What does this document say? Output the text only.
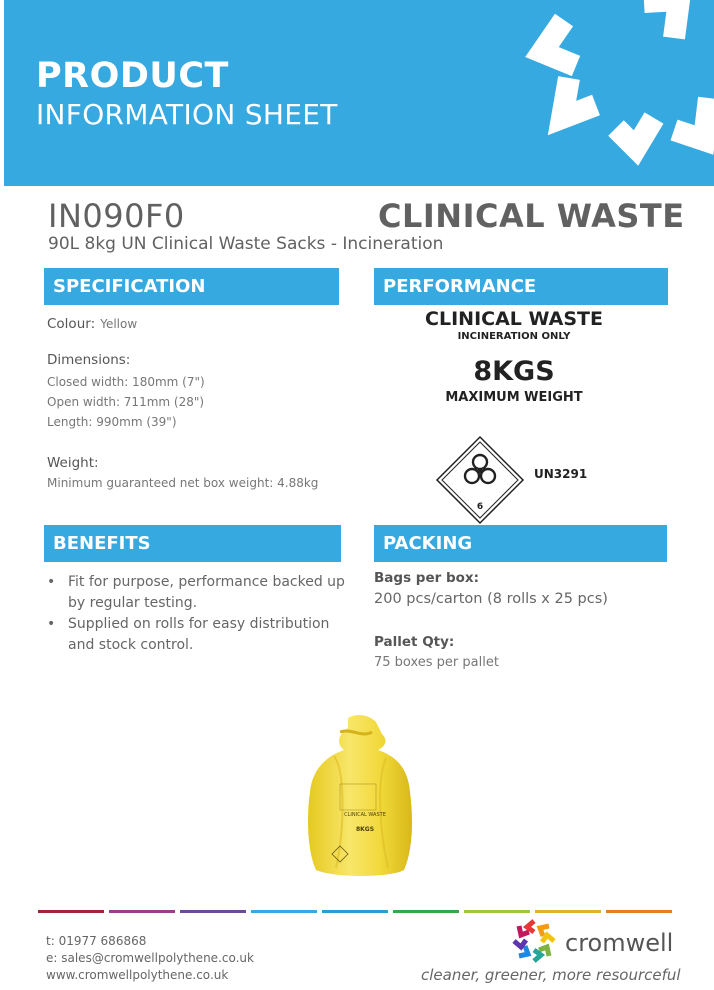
PRODUCT
INFORMATION SHEET
IN090F0	CLINICAL WASTE
90L 8kg UN Clinical Waste Sacks - Incineration
SPECIFICATION
Colour: Yellow
Dimensions:
Closed width: 180mm (7")
Open width: 711mm (28")
Length: 990mm (39")
Weight:
Minimum guaranteed net box weight: 4.88kg
PERFORMANCE
CLINICAL WASTE
INCINERATION ONLY
8KGS
MAXIMUM WEIGHT
6
UN3291
BENEFITS
• Fit for purpose, performance backed up by regular testing.
• Supplied on rolls for easy distribution and stock control.
PACKING
Bags per box:
200 pcs/carton (8 rolls x 25 pcs)
Pallet Qty:
75 boxes per pallet
CLINICAL WASTE
8KGS
t: 01977 686868
e: sales@cromwellpolythene.co.uk
www.cromwellpolythene.co.uk
cromwell
cleaner, greener, more resourceful
